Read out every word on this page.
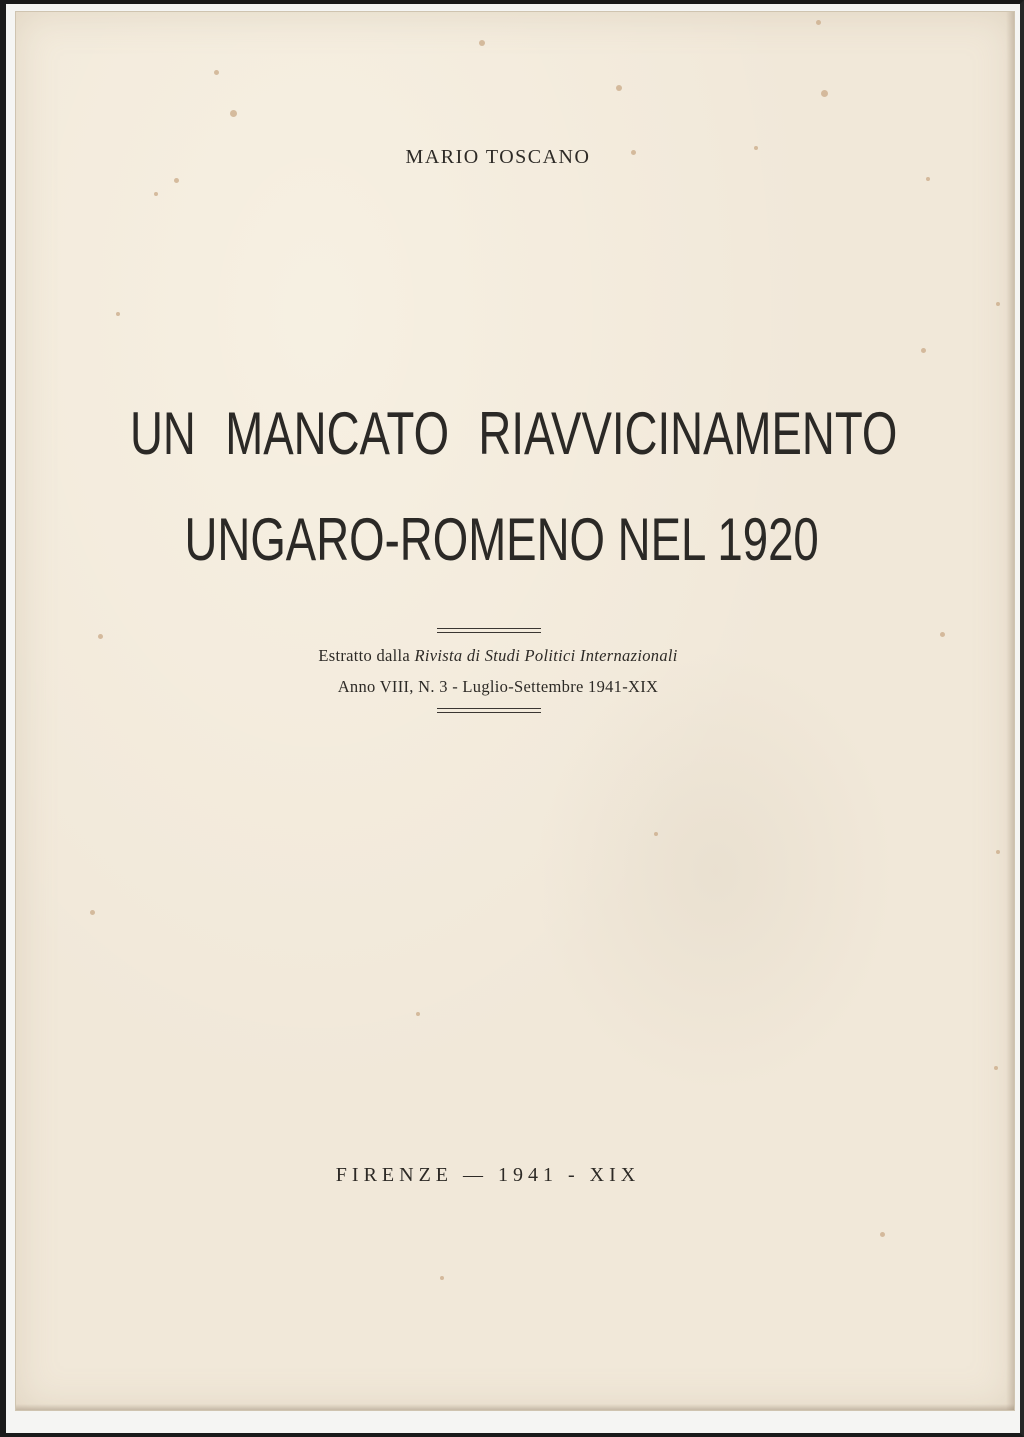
MARIO TOSCANO
UN MANCATO RIAVVICINAMENTO
UNGARO-ROMENO NEL 1920
Estratto dalla Rivista di Studi Politici Internazionali
Anno VIII, N. 3 - Luglio-Settembre 1941-XIX
FIRENZE — 1941 - XIX
